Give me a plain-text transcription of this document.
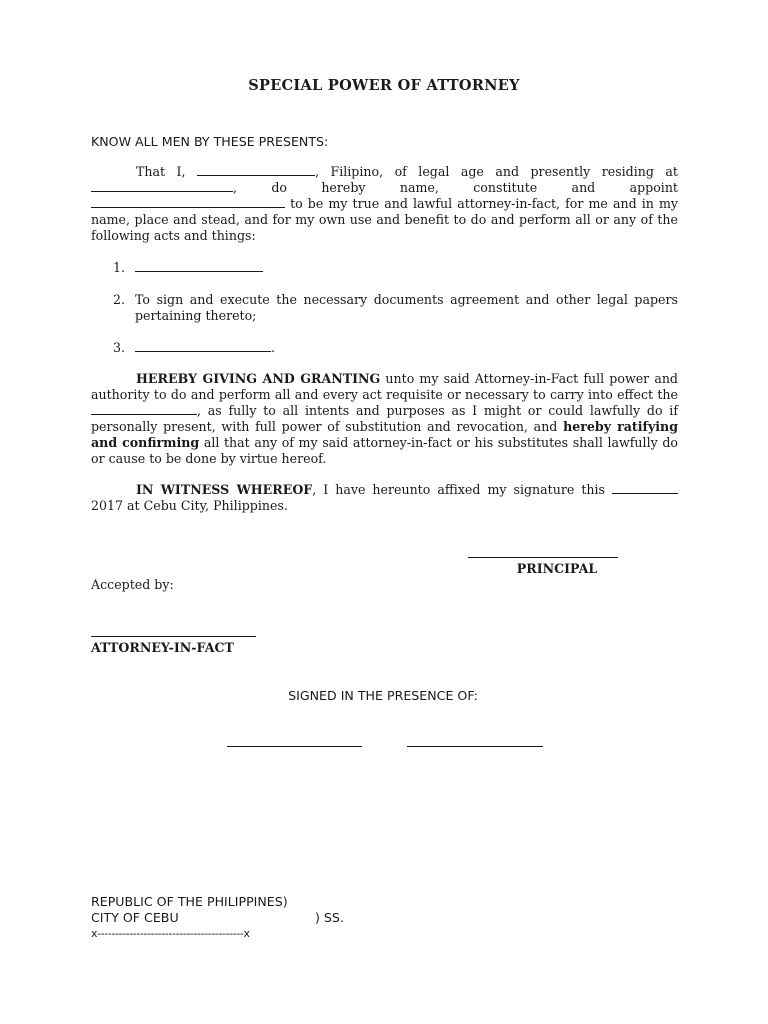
SPECIAL POWER OF ATTORNEY
KNOW ALL MEN BY THESE PRESENTS:
That I,	, Filipino, of legal age and presently residing at , do hereby name, constitute and appoint  to be my true and lawful attorney-in-fact, for me and in my name, place and stead, and for my own use and benefit to do and perform all or any of the following acts and things:
1.
2. To sign and execute the necessary documents agreement and other legal papers pertaining thereto;
3.	.
HEREBY GIVING AND GRANTING unto my said Attorney-in-Fact full power and authority to do and perform all and every act requisite or necessary to carry into effect the , as fully to all intents and purposes as I might or could lawfully do if personally present, with full power of substitution and revocation, and hereby ratifying and confirming all that any of my said attorney-in-fact or his substitutes shall lawfully do or cause to be done by virtue hereof.
IN WITNESS WHEREOF, I have hereunto affixed my signature this  2017 at Cebu City, Philippines.
PRINCIPAL
Accepted by:
ATTORNEY-IN-FACT
SIGNED IN THE PRESENCE OF:
REPUBLIC OF THE PHILIPPINES)
CITY OF CEBU	) SS.
x-----------------------------------------x
